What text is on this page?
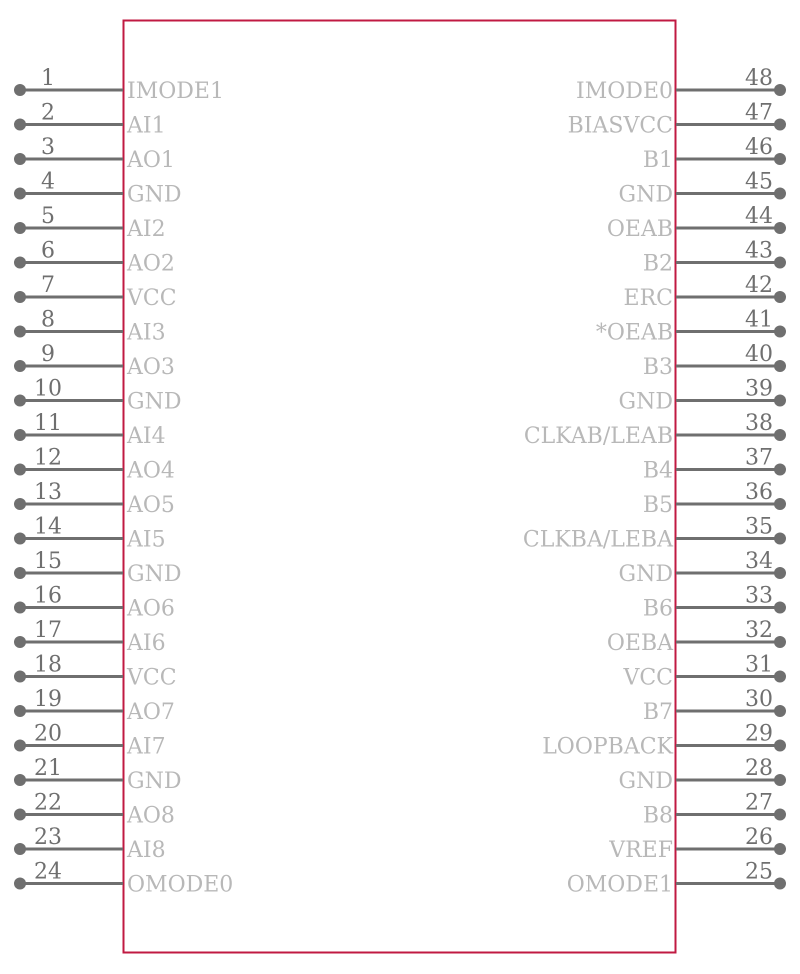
1
IMODE1
2
AI1
3
AO1
4
GND
5
AI2
6
AO2
7
VCC
8
AI3
9
AO3
10
GND
11
AI4
12
AO4
13
AO5
14
AI5
15
GND
16
AO6
17
AI6
18
VCC
19
AO7
20
AI7
21
GND
22
AO8
23
AI8
24
OMODE0
48
IMODE0
47
BIASVCC
46
B1
45
GND
44
OEAB
43
B2
42
ERC
41
*OEAB
40
B3
39
GND
38
CLKAB/LEAB
37
B4
36
B5
35
CLKBA/LEBA
34
GND
33
B6
32
OEBA
31
VCC
30
B7
29
LOOPBACK
28
GND
27
B8
26
VREF
25
OMODE1
